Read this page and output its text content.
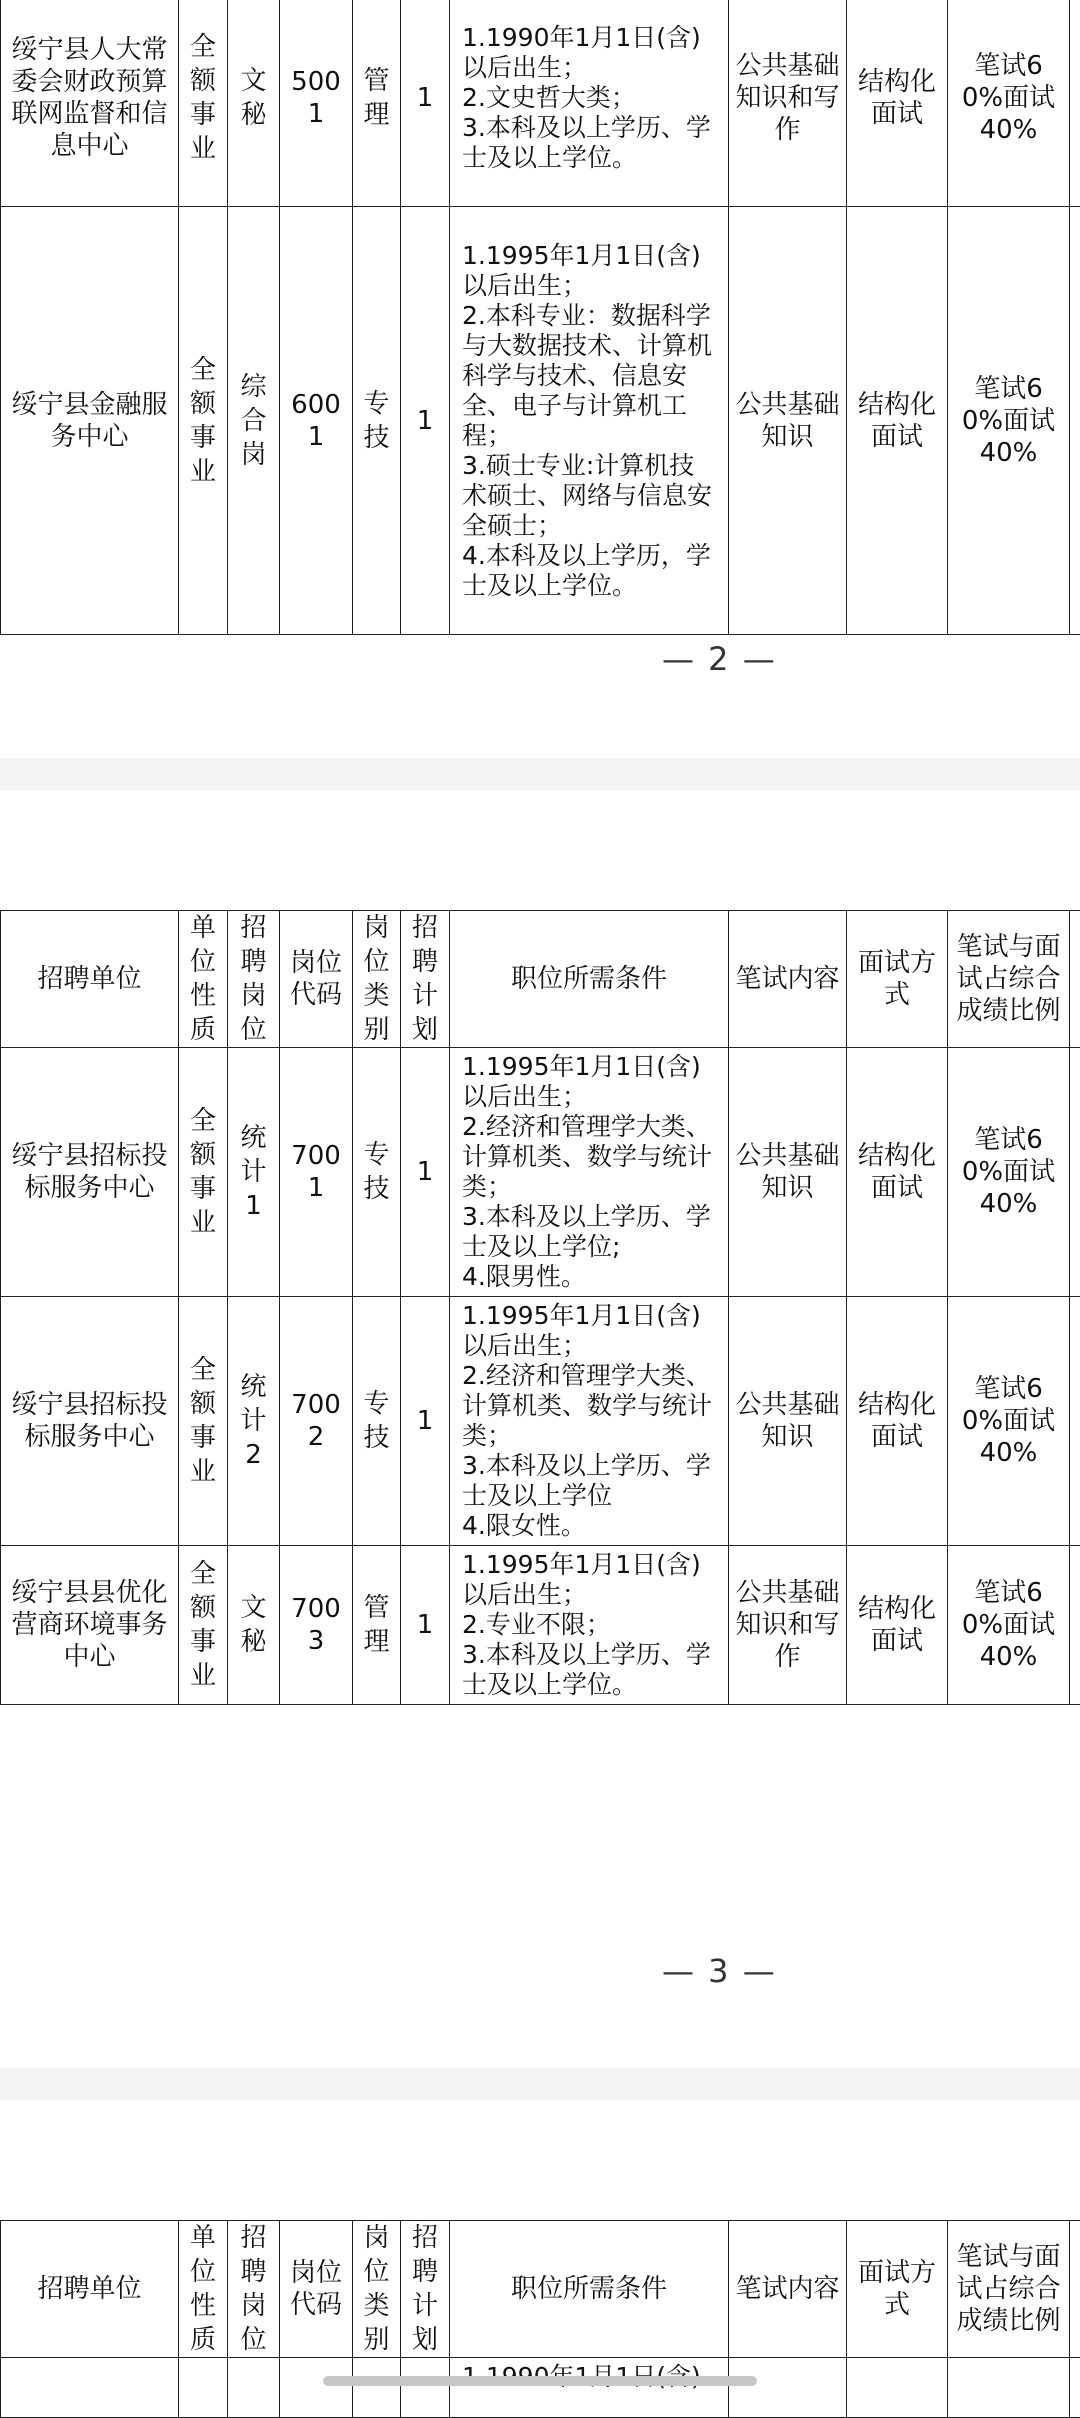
绥宁县人大常委会财政预算联网监督和信息中心	全额事业	文秘	5001	管理	1	1.1990年1月1日(含)以后出生；
2.文史哲大类；
3.本科及以上学历、学士及以上学位。	公共基础知识和写作	结构化面试	笔试60%面试40%	
绥宁县金融服务中心	全额事业	综合岗	6001	专技	1	1.1995年1月1日(含)以后出生；
2.本科专业：数据科学与大数据技术、计算机科学与技术、信息安全、电子与计算机工程；
3.硕士专业:计算机技术硕士、网络与信息安全硕士；
4.本科及以上学历，学士及以上学位。	公共基础知识	结构化面试	笔试60%面试40%	
— 2 —
招聘单位	单位性质	招聘岗位	岗位代码	岗位类别	招聘计划	职位所需条件	笔试内容	面试方式	笔试与面试占综合成绩比例	
绥宁县招标投标服务中心	全额事业	统计1	7001	专技	1	1.1995年1月1日(含)以后出生；
2.经济和管理学大类、计算机类、数学与统计类；
3.本科及以上学历、学士及以上学位;
4.限男性。	公共基础知识	结构化面试	笔试60%面试40%	
绥宁县招标投标服务中心	全额事业	统计2	7002	专技	1	1.1995年1月1日(含)以后出生；
2.经济和管理学大类、计算机类、数学与统计类；
3.本科及以上学历、学士及以上学位
4.限女性。	公共基础知识	结构化面试	笔试60%面试40%	
绥宁县县优化营商环境事务中心	全额事业	文秘	7003	管理	1	1.1995年1月1日(含)以后出生；
2.专业不限；
3.本科及以上学历、学士及以上学位。	公共基础知识和写作	结构化面试	笔试60%面试40%	
— 3 —
招聘单位	单位性质	招聘岗位	岗位代码	岗位类别	招聘计划	职位所需条件	笔试内容	面试方式	笔试与面试占综合成绩比例	
